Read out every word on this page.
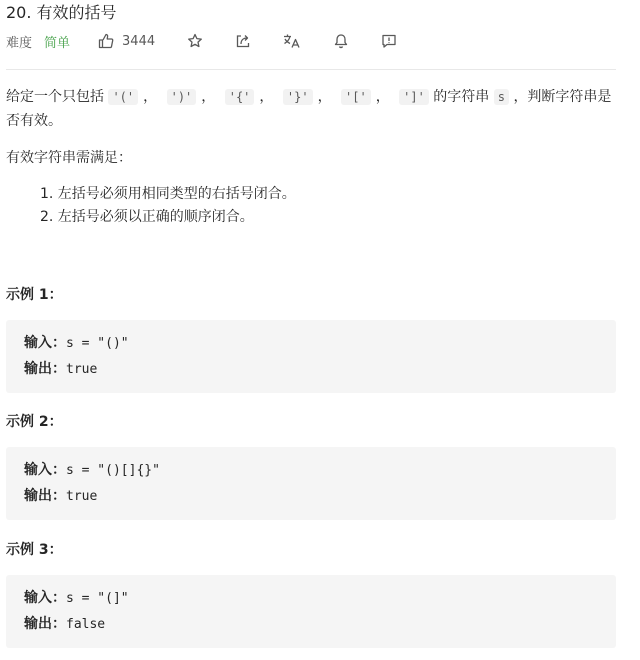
20. 有效的括号
难度 简单	3444
给定一个只包括 '(' ， ')' ， '{' ， '}' ， '[' ， ']' 的字符串 s ，判断字符串是
否有效。
有效字符串需满足：
1. 左括号必须用相同类型的右括号闭合。
2. 左括号必须以正确的顺序闭合。
示例 1：
输入：s = "()"
输出：true
示例 2：
输入：s = "()[]{}"
输出：true
示例 3：
输入：s = "(]"
输出：false
